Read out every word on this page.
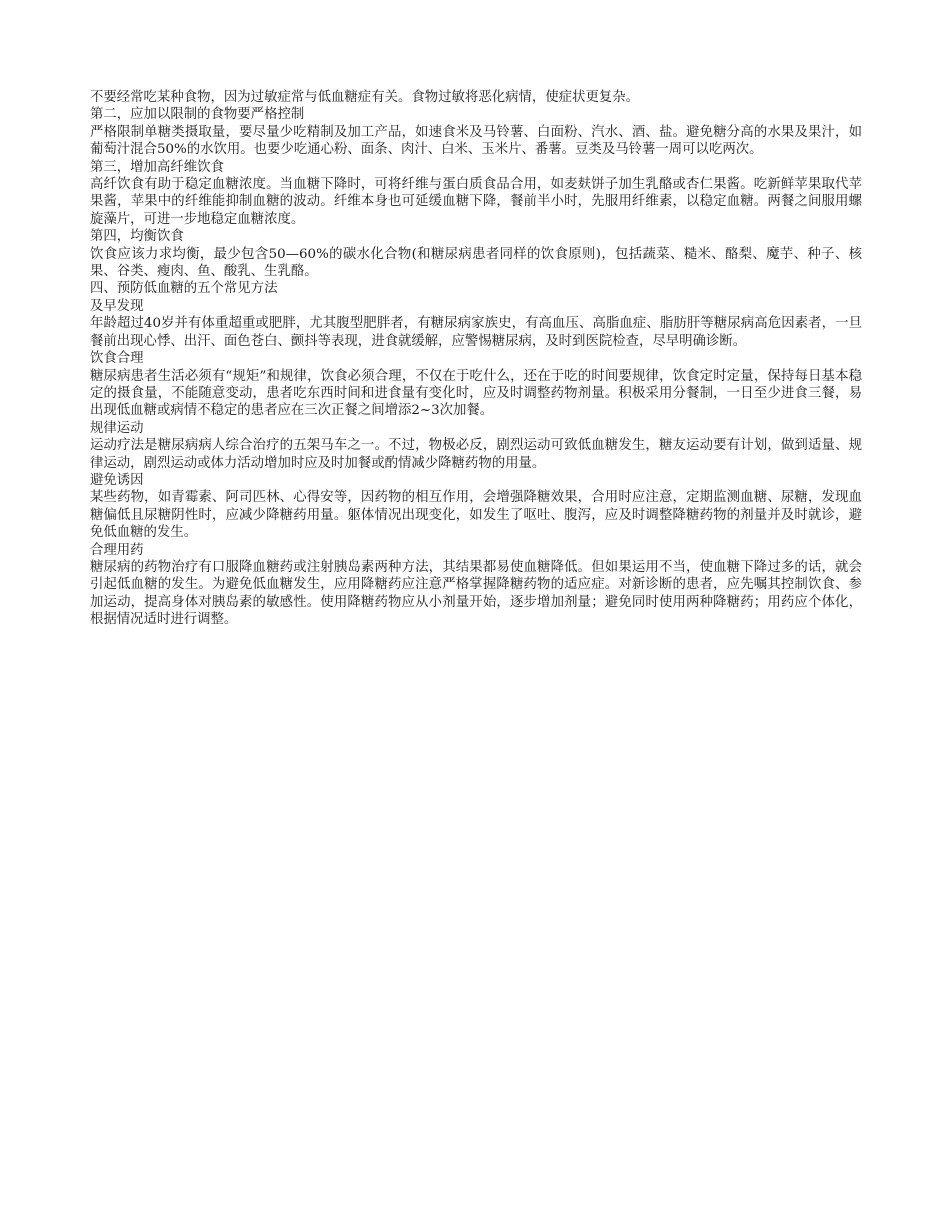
不要经常吃某种食物，因为过敏症常与低血糖症有关。食物过敏将恶化病情，使症状更复杂。

第二，应加以限制的食物要严格控制

严格限制单糖类摄取量，要尽量少吃精制及加工产品，如速食米及马铃薯、白面粉、汽水、酒、盐。避免糖分高的水果及果汁，如葡萄汁混合50%的水饮用。也要少吃通心粉、面条、肉汁、白米、玉米片、番薯。豆类及马铃薯一周可以吃两次。

第三，增加高纤维饮食

高纤饮食有助于稳定血糖浓度。当血糖下降时，可将纤维与蛋白质食品合用，如麦麸饼子加生乳酪或杏仁果酱。吃新鲜苹果取代苹果酱，苹果中的纤维能抑制血糖的波动。纤维本身也可延缓血糖下降，餐前半小时，先服用纤维素，以稳定血糖。两餐之间服用螺旋藻片，可进一步地稳定血糖浓度。

第四，均衡饮食

饮食应该力求均衡，最少包含50—60%的碳水化合物(和糖尿病患者同样的饮食原则)，包括蔬菜、糙米、酪梨、魔芋、种子、核果、谷类、瘦肉、鱼、酸乳、生乳酪。

四、预防低血糖的五个常见方法

及早发现

年龄超过40岁并有体重超重或肥胖，尤其腹型肥胖者，有糖尿病家族史，有高血压、高脂血症、脂肪肝等糖尿病高危因素者，一旦餐前出现心悸、出汗、面色苍白、颤抖等表现，进食就缓解，应警惕糖尿病，及时到医院检查，尽早明确诊断。

饮食合理

糖尿病患者生活必须有“规矩”和规律，饮食必须合理，不仅在于吃什么，还在于吃的时间要规律，饮食定时定量，保持每日基本稳定的摄食量，不能随意变动，患者吃东西时间和进食量有变化时，应及时调整药物剂量。积极采用分餐制，一日至少进食三餐，易出现低血糖或病情不稳定的患者应在三次正餐之间增添2~3次加餐。

规律运动

运动疗法是糖尿病病人综合治疗的五架马车之一。不过，物极必反，剧烈运动可致低血糖发生，糖友运动要有计划，做到适量、规律运动，剧烈运动或体力活动增加时应及时加餐或酌情减少降糖药物的用量。

避免诱因

某些药物，如青霉素、阿司匹林、心得安等，因药物的相互作用，会增强降糖效果，合用时应注意，定期监测血糖、尿糖，发现血糖偏低且尿糖阴性时，应减少降糖药用量。躯体情况出现变化，如发生了呕吐、腹泻，应及时调整降糖药物的剂量并及时就诊，避免低血糖的发生。

合理用药

糖尿病的药物治疗有口服降血糖药或注射胰岛素两种方法，其结果都易使血糖降低。但如果运用不当，使血糖下降过多的话，就会引起低血糖的发生。为避免低血糖发生，应用降糖药应注意严格掌握降糖药物的适应症。对新诊断的患者，应先嘱其控制饮食、参加运动，提高身体对胰岛素的敏感性。使用降糖药物应从小剂量开始，逐步增加剂量；避免同时使用两种降糖药；用药应个体化，根据情况适时进行调整。
